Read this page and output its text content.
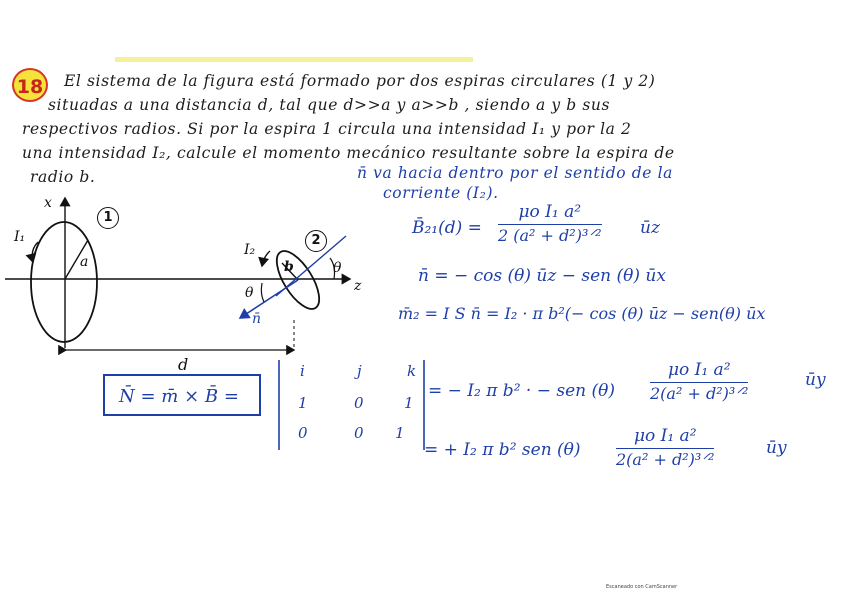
18	El sistema de la figura está formado por dos espiras circulares (1 y 2)
situadas a una distancia d, tal que d>>a y a>>b , siendo a y b sus
respectivos radios. Si por la espira 1 circula una intensidad I₁ y por la 2
una intensidad I₂, calcule el momento mecánico resultante sobre la espira de
radio b.	n̄ va hacia dentro por el sentido de la
corriente (I₂).
x
z
1
2
a	b
I₁
I₂
θ
θ
n̄
d
B̄₂₁(d) =
μo I₁ a²
2 (a² + d²)³ᐟ² ūz
n̄ = − cos (θ) ūz − sen (θ) ūx
m̄₂ = I S n̄ = I₂ · π b²(− cos (θ) ūz − sen(θ) ūx
N̄ = m̄ × B̄ =
i	j	k
1	0	1
0	0 1
= − I₂ π b² · − sen (θ)
μo I₁ a²
2(a² + d²)³ᐟ²
ūy
= + I₂ π b² sen (θ)
μo I₁ a²
2(a² + d²)³ᐟ²
ūy
Escaneado con CamScanner
